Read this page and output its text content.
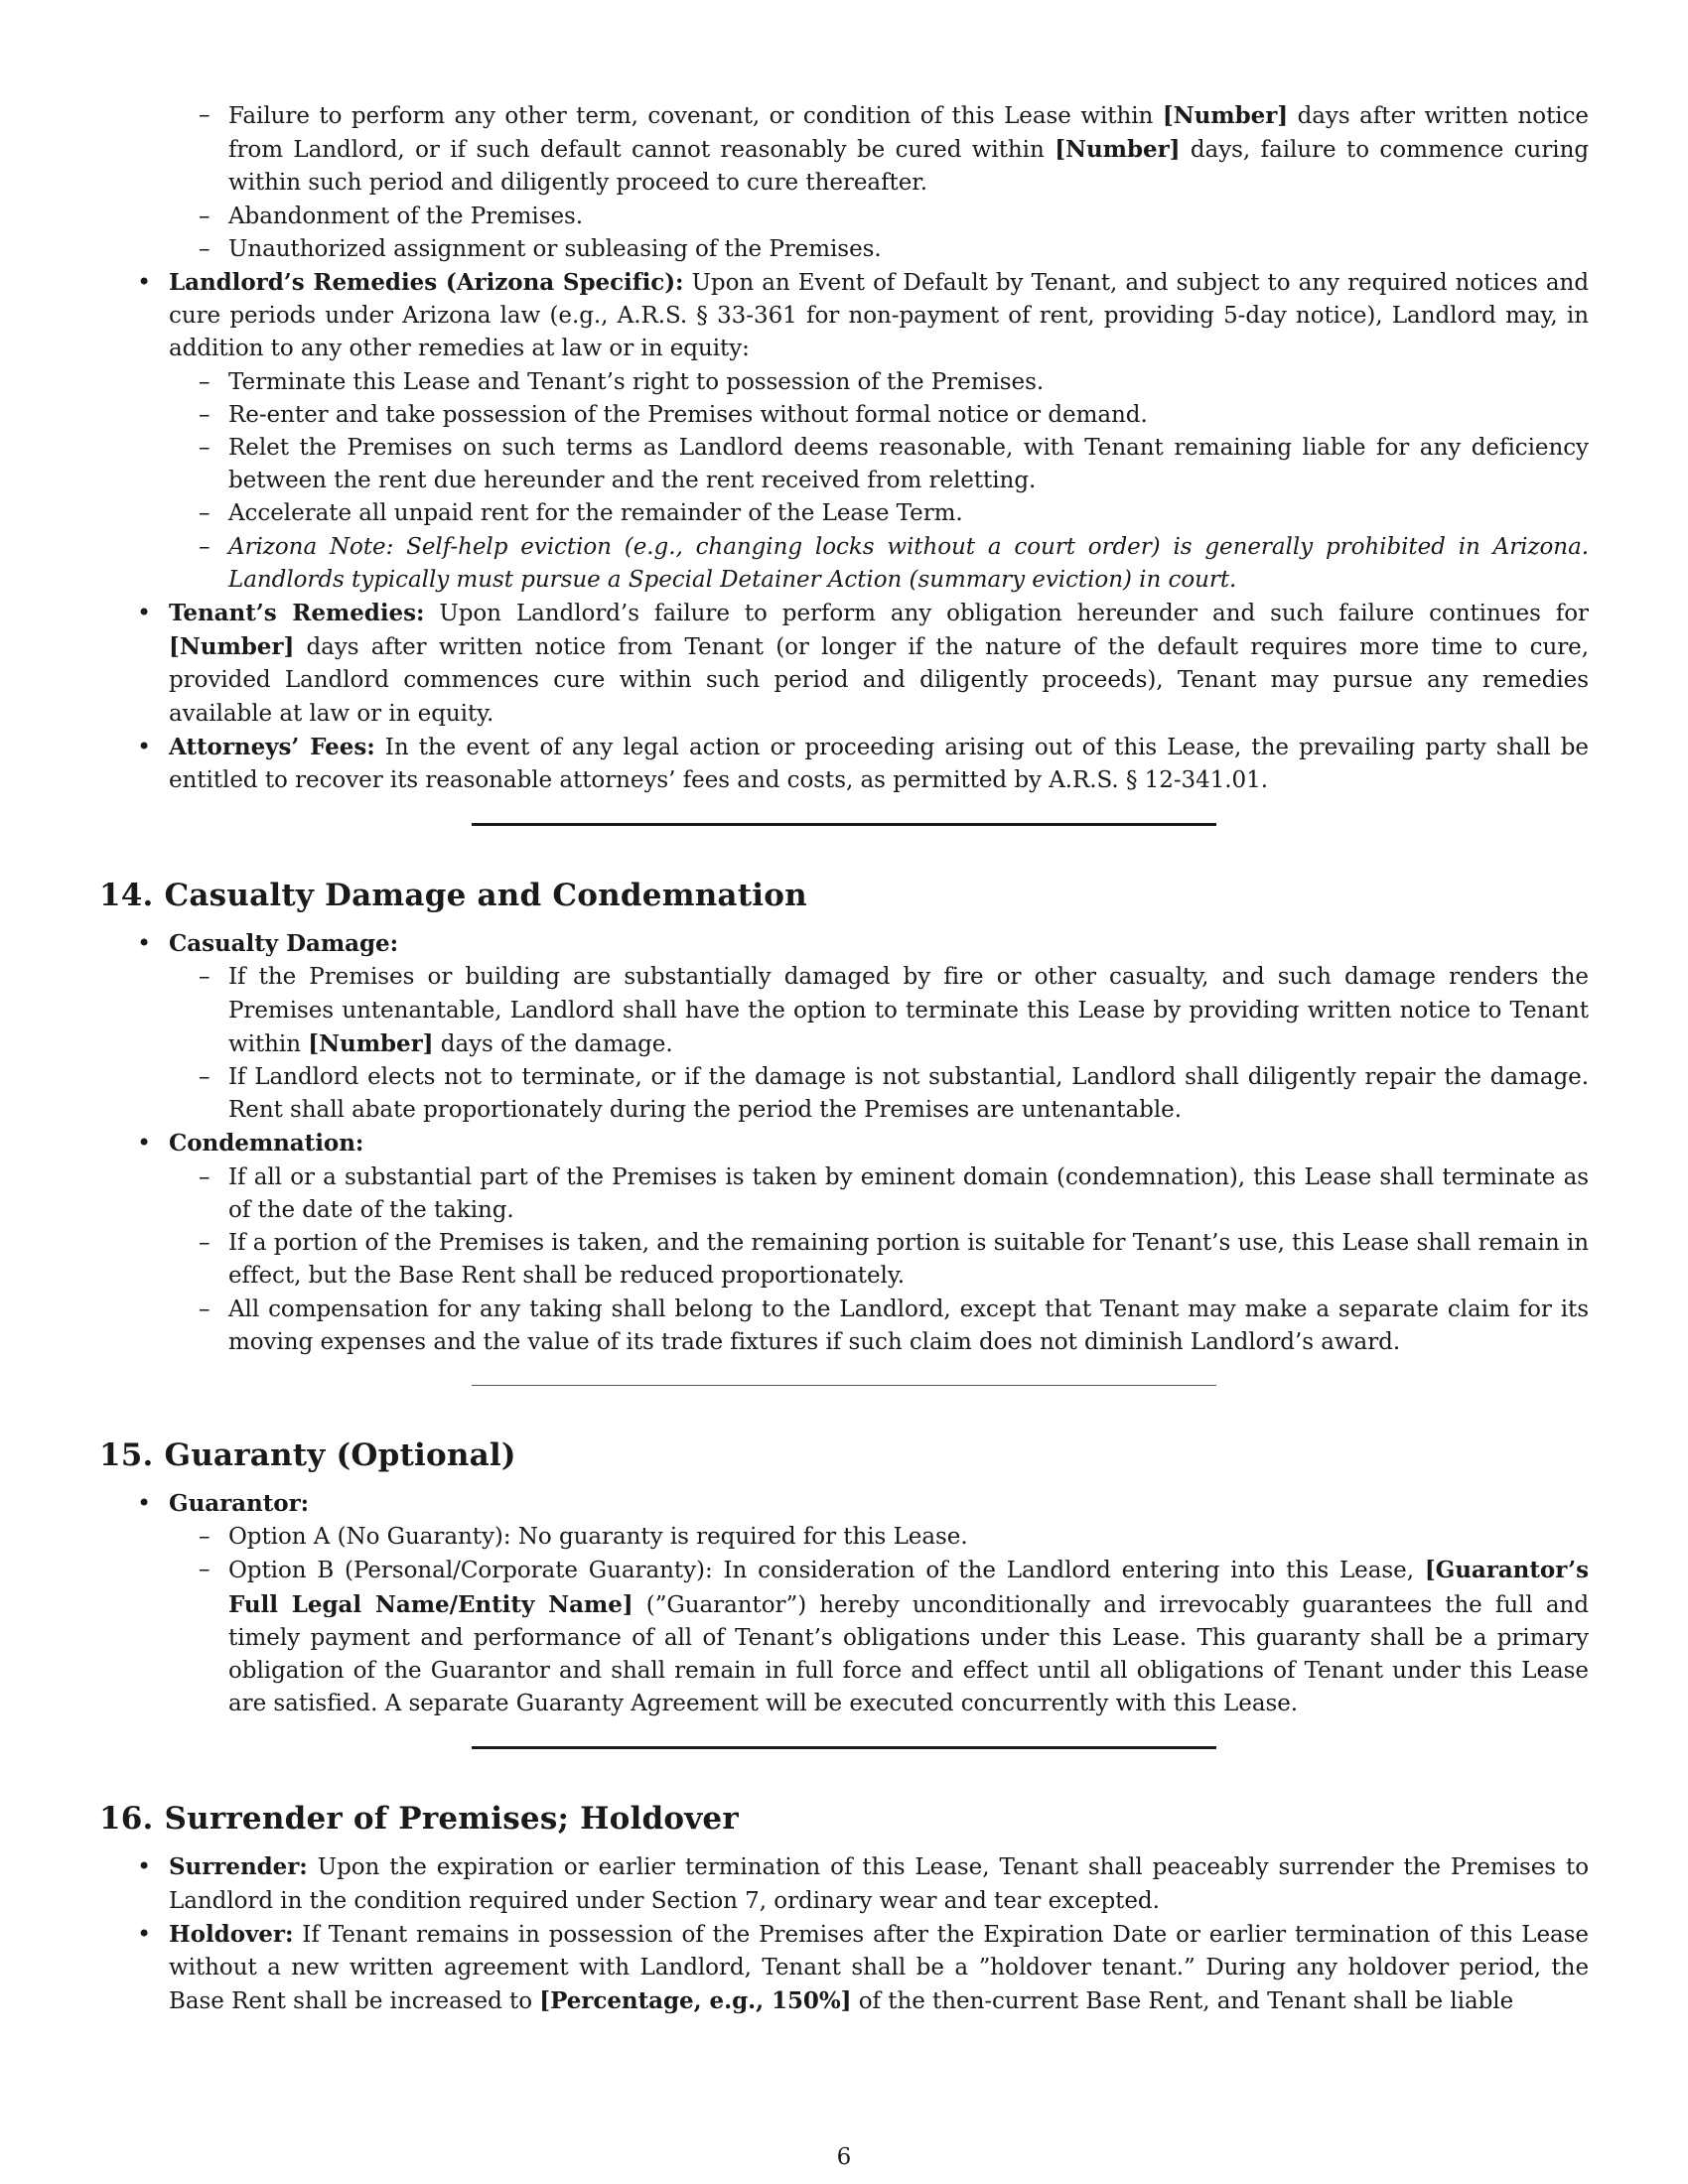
– Failure to perform any other term, covenant, or condition of this Lease within [Number] days after written notice from Landlord, or if such default cannot reasonably be cured within [Number] days, failure to commence curing within such period and diligently proceed to cure thereafter.
– Abandonment of the Premises.
– Unauthorized assignment or subleasing of the Premises.
• Landlord’s Remedies (Arizona Specific): Upon an Event of Default by Tenant, and subject to any required notices and cure periods under Arizona law (e.g., A.R.S. § 33-361 for non-payment of rent, providing 5-day notice), Landlord may, in addition to any other remedies at law or in equity:
– Terminate this Lease and Tenant’s right to possession of the Premises.
– Re-enter and take possession of the Premises without formal notice or demand.
– Relet the Premises on such terms as Landlord deems reasonable, with Tenant remaining liable for any deficiency between the rent due hereunder and the rent received from reletting.
– Accelerate all unpaid rent for the remainder of the Lease Term.
– Arizona Note: Self-help eviction (e.g., changing locks without a court order) is generally prohibited in Arizona. Landlords typically must pursue a Special Detainer Action (summary eviction) in court.
• Tenant’s Remedies: Upon Landlord’s failure to perform any obligation hereunder and such failure continues for [Number] days after written notice from Tenant (or longer if the nature of the default requires more time to cure, provided Landlord commences cure within such period and diligently proceeds), Tenant may pursue any remedies available at law or in equity.
• Attorneys’ Fees: In the event of any legal action or proceeding arising out of this Lease, the prevailing party shall be entitled to recover its reasonable attorneys’ fees and costs, as permitted by A.R.S. § 12-341.01.
14. Casualty Damage and Condemnation
• Casualty Damage:
– If the Premises or building are substantially damaged by fire or other casualty, and such damage renders the Premises untenantable, Landlord shall have the option to terminate this Lease by providing written notice to Tenant within [Number] days of the damage.
– If Landlord elects not to terminate, or if the damage is not substantial, Landlord shall diligently repair the damage. Rent shall abate proportionately during the period the Premises are untenantable.
• Condemnation:
– If all or a substantial part of the Premises is taken by eminent domain (condemnation), this Lease shall terminate as of the date of the taking.
– If a portion of the Premises is taken, and the remaining portion is suitable for Tenant’s use, this Lease shall remain in effect, but the Base Rent shall be reduced proportionately.
– All compensation for any taking shall belong to the Landlord, except that Tenant may make a separate claim for its moving expenses and the value of its trade fixtures if such claim does not diminish Landlord’s award.
15. Guaranty (Optional)
• Guarantor:
– Option A (No Guaranty): No guaranty is required for this Lease.
– Option B (Personal/Corporate Guaranty): In consideration of the Landlord entering into this Lease, [Guarantor’s Full Legal Name/Entity Name] (”Guarantor”) hereby unconditionally and irrevocably guarantees the full and timely payment and performance of all of Tenant’s obligations under this Lease. This guaranty shall be a primary obligation of the Guarantor and shall remain in full force and effect until all obligations of Tenant under this Lease are satisfied. A separate Guaranty Agreement will be executed concurrently with this Lease.
16. Surrender of Premises; Holdover
• Surrender: Upon the expiration or earlier termination of this Lease, Tenant shall peaceably surrender the Premises to Landlord in the condition required under Section 7, ordinary wear and tear excepted.
• Holdover: If Tenant remains in possession of the Premises after the Expiration Date or earlier termination of this Lease without a new written agreement with Landlord, Tenant shall be a ”holdover tenant.” During any holdover period, the Base Rent shall be increased to [Percentage, e.g., 150%] of the then-current Base Rent, and Tenant shall be liable
6
